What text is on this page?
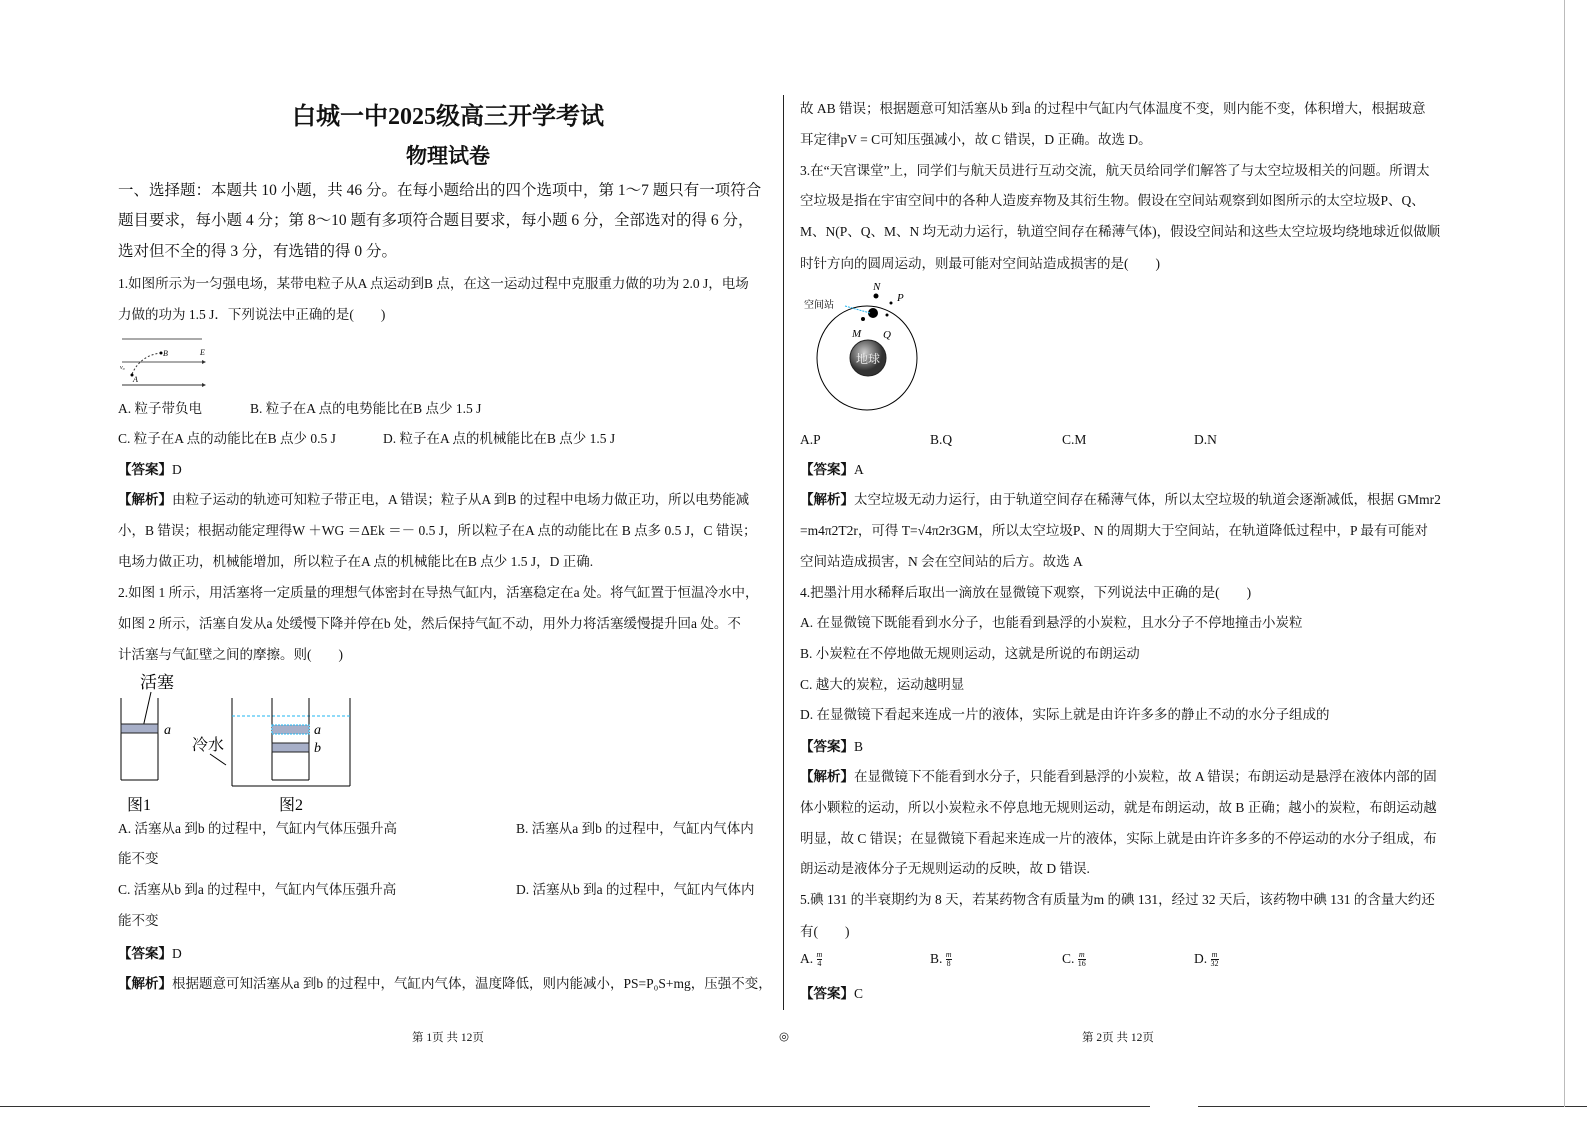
白城一中2025级高三开学考试
物理试卷
一、选择题：本题共 10 小题，共 46 分。在每小题给出的四个选项中，第 1～7 题只有一项符合
题目要求，每小题 4 分；第 8～10 题有多项符合题目要求，每小题 6 分，全部选对的得 6 分，
选对但不全的得 3 分，有选错的得 0 分。
1.如图所示为一匀强电场，某带电粒子从A 点运动到B 点，在这一运动过程中克服重力做的功为 2.0 J，电场
力做的功为 1.5 J．下列说法中正确的是(　　)
B	E
A
v₀
A. 粒子带负电	B. 粒子在A 点的电势能比在B 点少 1.5 J
C. 粒子在A 点的动能比在B 点少 0.5 J	D. 粒子在A 点的机械能比在B 点少 1.5 J
【答案】D
【解析】由粒子运动的轨迹可知粒子带正电，A 错误；粒子从A 到B 的过程中电场力做正功，所以电势能减
小，B 错误；根据动能定理得W ＋WG ＝ΔEk ＝－ 0.5 J，所以粒子在A 点的动能比在 B 点多 0.5 J，C 错误；
电场力做正功，机械能增加，所以粒子在A 点的机械能比在B 点少 1.5 J，D 正确.
2.如图 1 所示，用活塞将一定质量的理想气体密封在导热气缸内，活塞稳定在a 处。将气缸置于恒温冷水中，
如图 2 所示，活塞自发从a 处缓慢下降并停在b 处，然后保持气缸不动，用外力将活塞缓慢提升回a 处。不
计活塞与气缸壁之间的摩擦。则(　　)
活塞
a	a
b
冷水
图1	图2
A. 活塞从a 到b 的过程中，气缸内气体压强升高	B. 活塞从a 到b 的过程中，气缸内气体内
能不变
C. 活塞从b 到a 的过程中，气缸内气体压强升高	D. 活塞从b 到a 的过程中，气缸内气体内
能不变
【答案】D
【解析】根据题意可知活塞从a 到b 的过程中，气缸内气体，温度降低，则内能减小，PS=P₀S+mg，压强不变，
故 AB 错误；根据题意可知活塞从b 到a 的过程中气缸内气体温度不变，则内能不变，体积增大，根据玻意
耳定律pV = C可知压强减小，故 C 错误，D 正确。故选 D。
3.在“天宫课堂”上，同学们与航天员进行互动交流，航天员给同学们解答了与太空垃圾相关的问题。所谓太
空垃圾是指在宇宙空间中的各种人造废弃物及其衍生物。假设在空间站观察到如图所示的太空垃圾P、Q、
M、N(P、Q、M、N 均无动力运行，轨道空间存在稀薄气体)，假设空间站和这些太空垃圾均绕地球近似做顺
时针方向的圆周运动，则最可能对空间站造成损害的是(　　)
地球
空间站
N
P
M Q
A.P	B.Q	C.M	D.N
【答案】A
【解析】太空垃圾无动力运行，由于轨道空间存在稀薄气体，所以太空垃圾的轨道会逐渐减低，根据 GMmr2
=m4π2T2r，可得 T=√4π2r3GM，所以太空垃圾P、N 的周期大于空间站，在轨道降低过程中，P 最有可能对
空间站造成损害，N 会在空间站的后方。故选 A
4.把墨汁用水稀释后取出一滴放在显微镜下观察，下列说法中正确的是(　　)
A. 在显微镜下既能看到水分子，也能看到悬浮的小炭粒，且水分子不停地撞击小炭粒
B. 小炭粒在不停地做无规则运动，这就是所说的布朗运动
C. 越大的炭粒，运动越明显
D. 在显微镜下看起来连成一片的液体，实际上就是由许许多多的静止不动的水分子组成的
【答案】B
【解析】在显微镜下不能看到水分子，只能看到悬浮的小炭粒，故 A 错误；布朗运动是悬浮在液体内部的固
体小颗粒的运动，所以小炭粒永不停息地无规则运动，就是布朗运动，故 B 正确；越小的炭粒，布朗运动越
明显，故 C 错误；在显微镜下看起来连成一片的液体，实际上就是由许许多多的不停运动的水分子组成，布
朗运动是液体分子无规则运动的反映，故 D 错误.
5.碘 131 的半衰期约为 8 天，若某药物含有质量为m 的碘 131，经过 32 天后，该药物中碘 131 的含量大约还
有(　　)
A. $\frac{m}{4}$	B. $\frac{m}{8}$	C. $\frac{m}{16}$	D. $\frac{m}{32}$
【答案】C
第 1页 共 12页	◎	第 2页 共 12页
